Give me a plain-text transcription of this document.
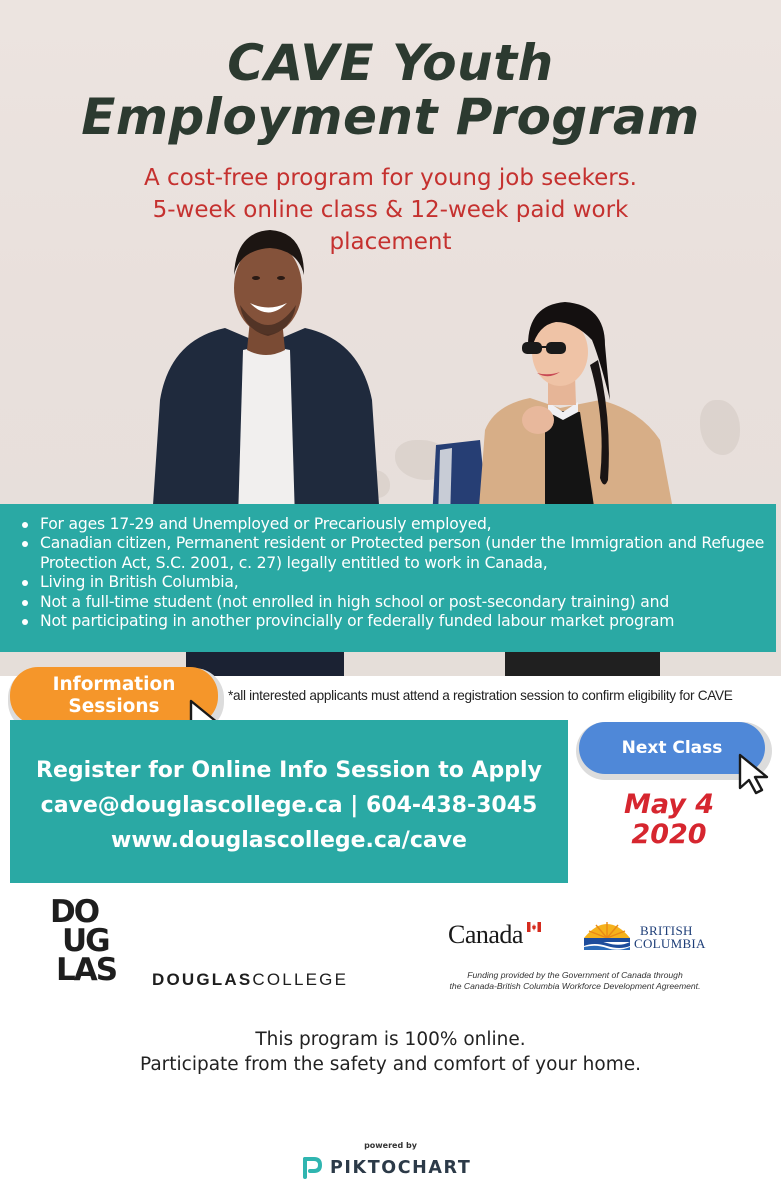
CAVE Youth
Employment Program
A cost-free program for young job seekers.
5-week online class & 12-week paid work
placement
For ages 17-29 and Unemployed or Precariously employed,
Canadian citizen, Permanent resident or Protected person (under the Immigration and Refugee Protection Act, S.C. 2001, c. 27) legally entitled to work in Canada,
Living in British Columbia,
Not a full-time student (not enrolled in high school or post-secondary training) and
Not participating in another provincially or federally funded labour market program
Information
Sessions
*all interested applicants must attend a registration session to confirm eligibility for CAVE
Register for Online Info Session to Apply
cave@douglascollege.ca | 604-438-3045
www.douglascollege.ca/cave
Next Class
May 4
2020
DO
UG
LAS	DOUGLASCOLLEGE
Canada	BRITISH
COLUMBIA
Funding provided by the Government of Canada through
the Canada-British Columbia Workforce Development Agreement.
This program is 100% online.
Participate from the safety and comfort of your home.
powered by
PIKTOCHART
